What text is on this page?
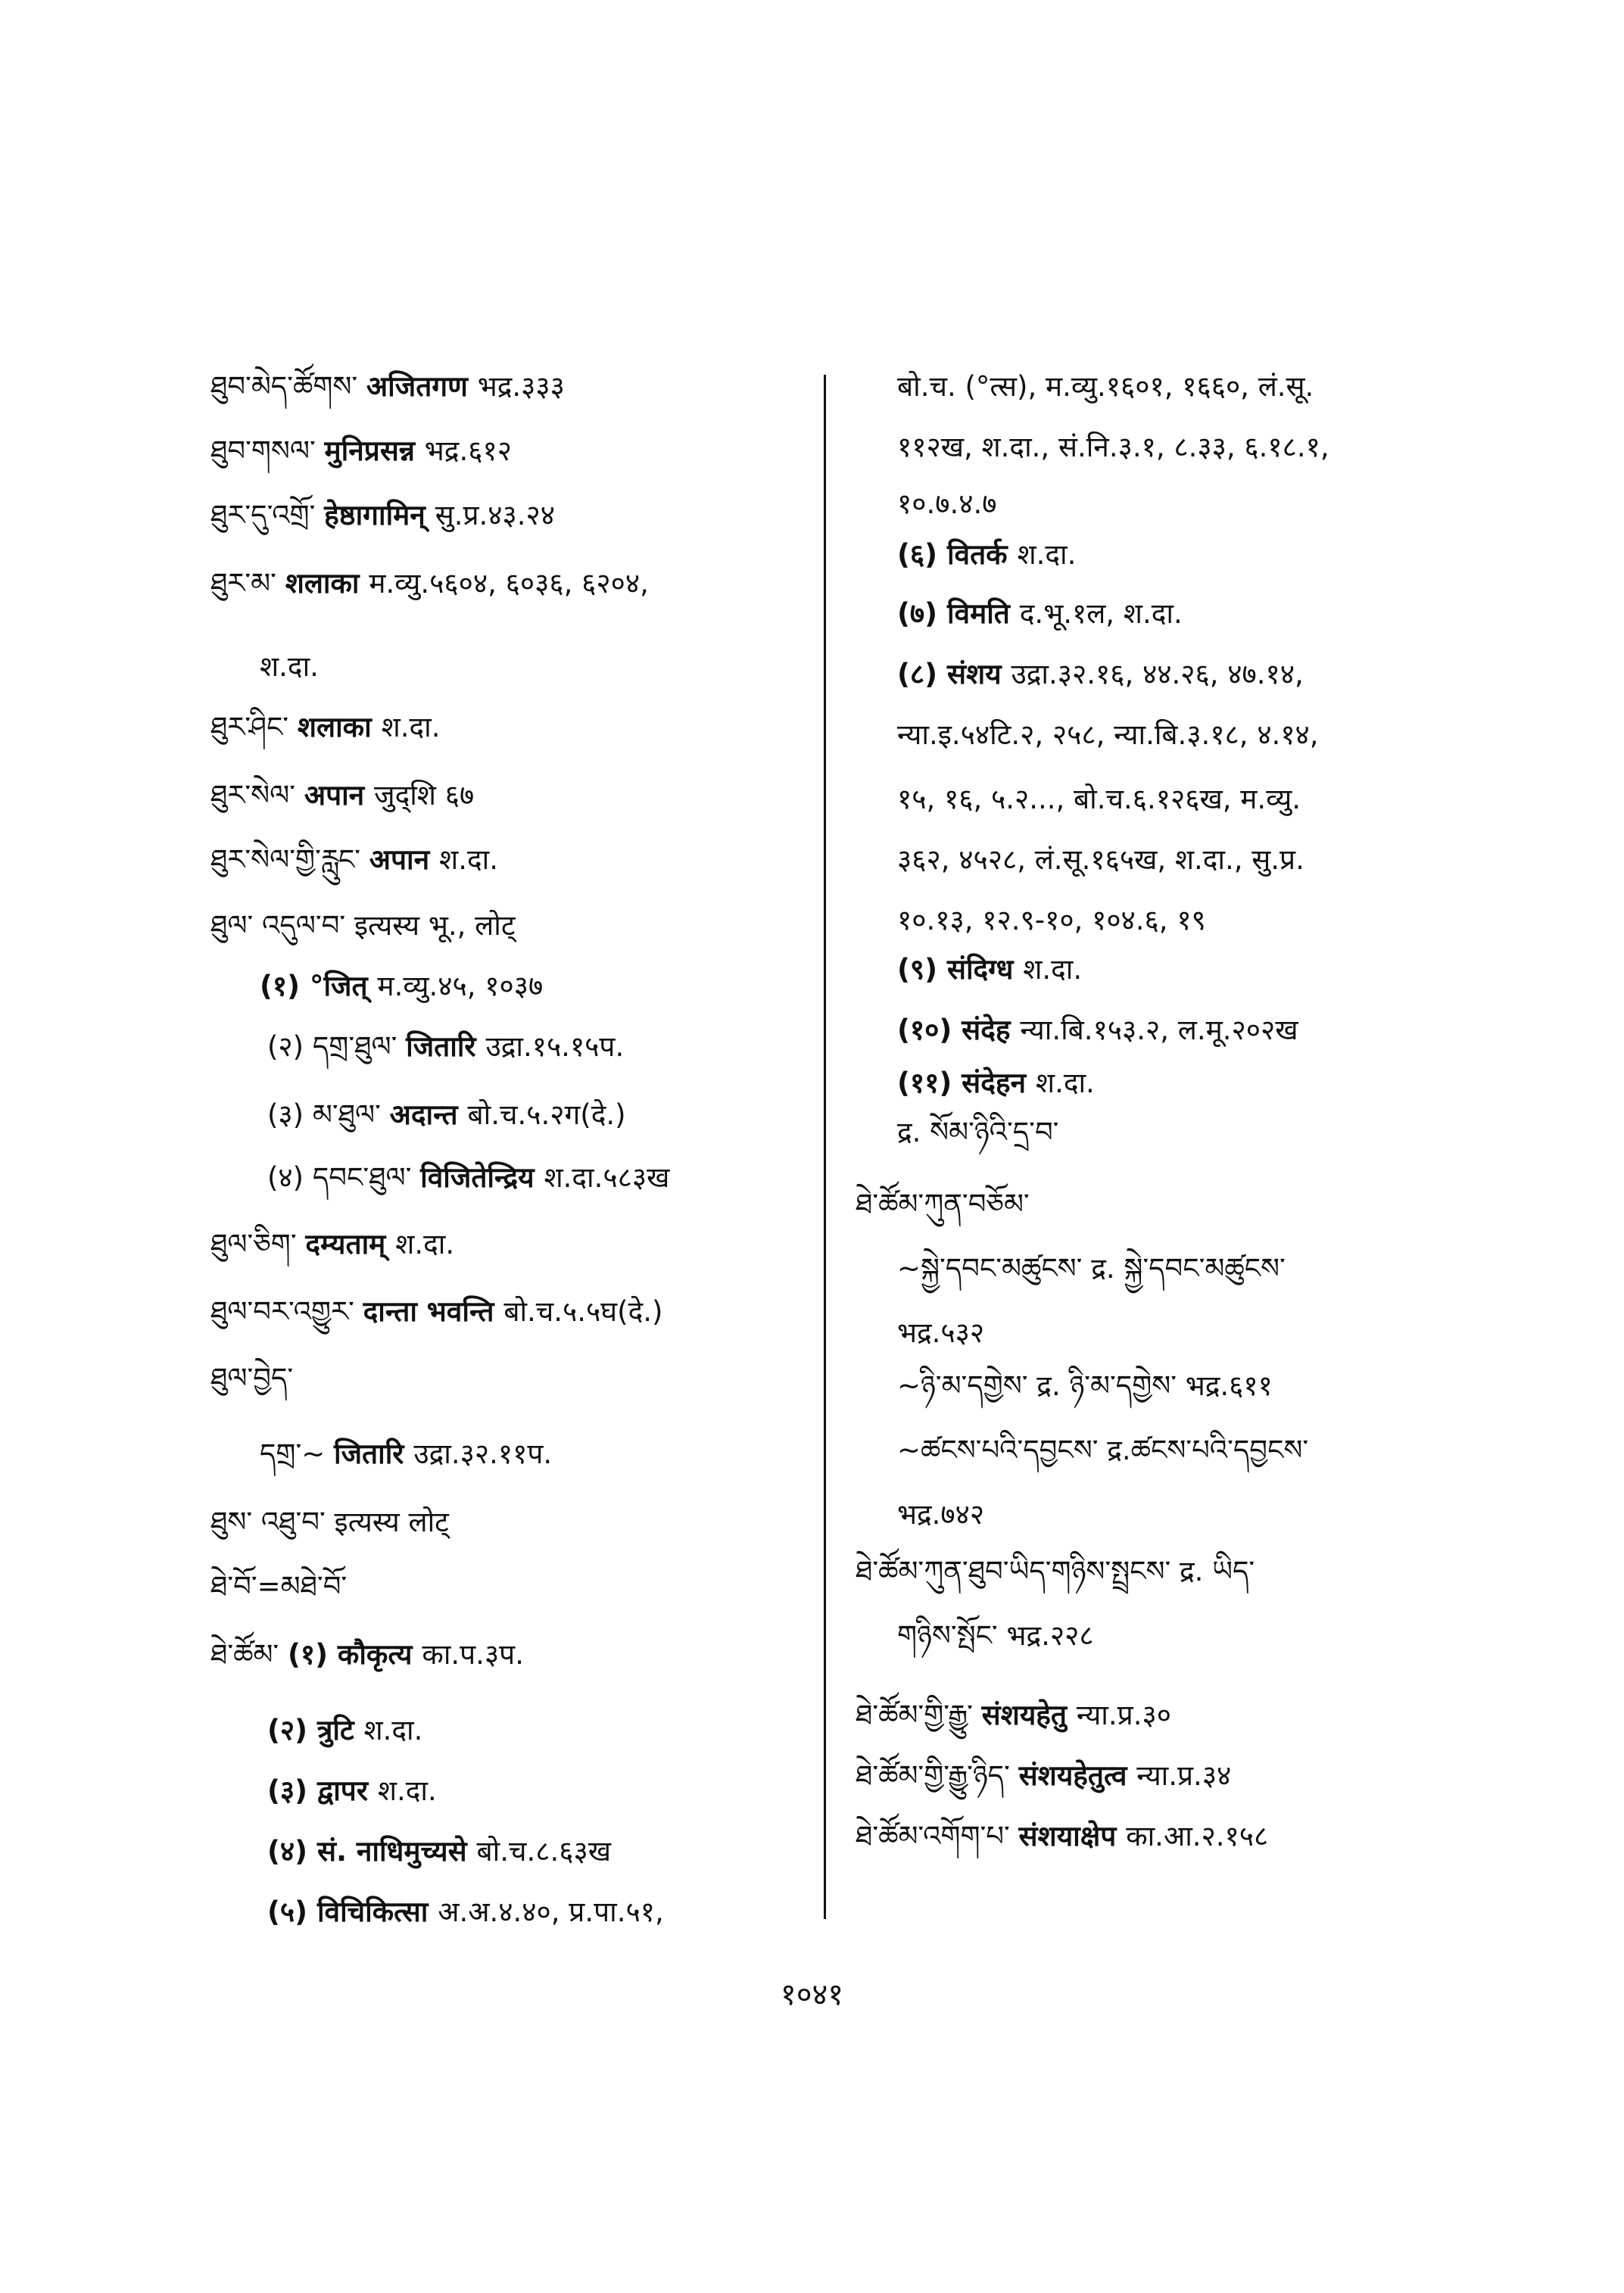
ཐུབ་མེད་ཚོགས་ अजितगण भद्र.३३३
ཐུབ་གསལ་ मुनिप्रसन्न भद्र.६१२
ཐུར་དུ་འགྲོ་ हेष्ठागामिन् सु.प्र.४३.२४
ཐུར་མ་ शलाका म.व्यु.५६०४, ६०३६, ६२०४,
श.दा.
ཐུར་ཤིང་ शलाका श.दा.
ཐུར་སེལ་ अपान जुद्शि ६७
ཐུར་སེལ་གྱི་རླུང་ अपान श.दा.
ཐུལ་ འདུལ་བ་ इत्यस्य भू., लोट्
(१) °जित् म.व्यु.४५, १०३७
(२) དགྲ་ཐུལ་ जितारि उद्रा.१५.१५प.
(३) མ་ཐུལ་ अदान्त बो.च.५.२ग(दे.)
(४) དབང་ཐུལ་ विजितेन्द्रिय श.दा.५८३ख
ཐུལ་ཅིག་ दम्यताम् श.दा.
ཐུལ་བར་འགྱུར་ दान्ता भवन्ति बो.च.५.५घ(दे.)
ཐུལ་བྱེད་
དགྲ་~ जितारि उद्रा.३२.११प.
ཐུས་ འཐུ་བ་ इत्यस्य लोट्
ཐེ་བོ་=མཐེ་བོ་
ཐེ་ཚོམ་ (१) कौकृत्य का.प.३प.
(२) त्रुटि श.दा.
(३) द्वापर श.दा.
(४) सं. नाधिमुच्यसे बो.च.८.६३ख
(५) विचिकित्सा अ.अ.४.४०, प्र.पा.५१,
बो.च. (°त्स), म.व्यु.१६०१, १६६०, लं.सू.
११२ख, श.दा., सं.नि.३.१, ८.३३, ६.१८.१,
१०.७.४.७
(६) वितर्क श.दा.
(७) विमति द.भू.१ल, श.दा.
(८) संशय उद्रा.३२.१६, ४४.२६, ४७.१४,
न्या.इ.५४टि.२, २५८, न्या.बि.३.१८, ४.१४,
१५, १६, ५.२..., बो.च.६.१२६ख, म.व्यु.
३६२, ४५२८, लं.सू.१६५ख, श.दा., सु.प्र.
१०.१३, १२.९-१०, १०४.६, १९
(९) संदिग्ध श.दा.
(१०) संदेह न्या.बि.१५३.२, ल.मू.२०२ख
(११) संदेहन श.दा.
द्र. སོམ་ཉིའི་དྲ་བ་
ཐེ་ཚོམ་ཀུན་བཅོམ་
~སྐྱེ་དབང་མཚུངས་ द्र. སྐྱེ་དབང་མཚུངས་
भद्र.५३२
~ཉི་མ་དགྱེས་ द्र. ཉི་མ་དགྱེས་ भद्र.६११
~ཚངས་པའི་དབྱངས་ द्र.ཚངས་པའི་དབྱངས་
भद्र.७४२
ཐེ་ཚོམ་ཀུན་ཐུབ་ཡིད་གཉིས་སྤྲངས་ द्र. ཡིད་
གཉིས་སྤོང་ भद्र.२२८
ཐེ་ཚོམ་གྱི་རྒྱུ་ संशयहेतु न्या.प्र.३०
ཐེ་ཚོམ་གྱི་རྒྱུ་ཉིད་ संशयहेतुत्व न्या.प्र.३४
ཐེ་ཚོམ་འགོག་པ་ संशयाक्षेप का.आ.२.१५८
१०४१
